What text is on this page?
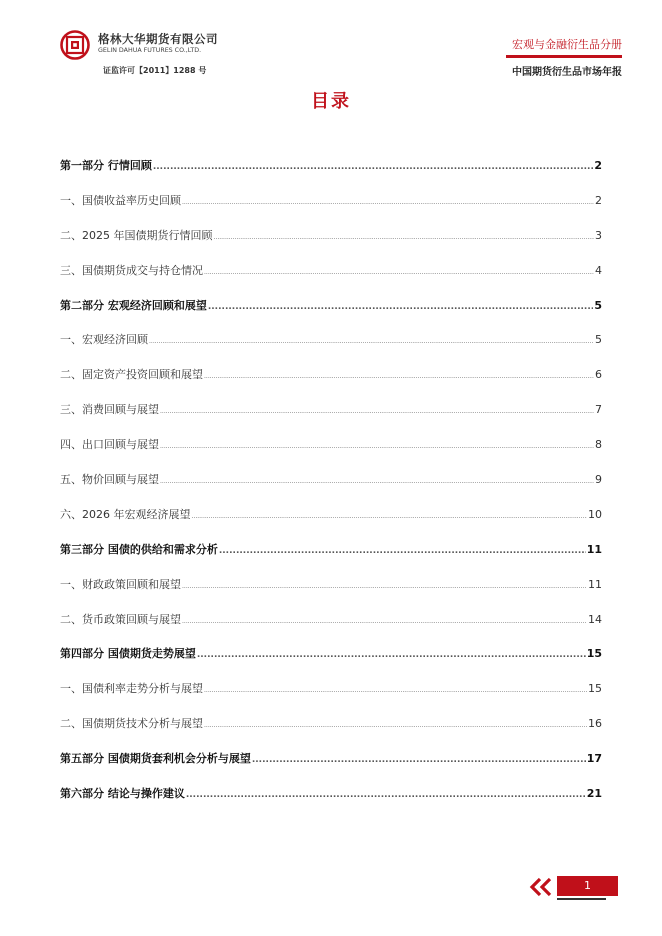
格林大华期货有限公司
GELIN DAHUA FUTURES CO.,LTD.
证监许可【2011】1288 号
宏观与金融衍生品分册
中国期货衍生品市场年报
目录
第一部分 行情回顾 .....	2
一、国债收益率历史回顾 .....	2
二、2025 年国债期货行情回顾 .....	3
三、国债期货成交与持仓情况 .....	4
第二部分 宏观经济回顾和展望 .....	5
一、宏观经济回顾 .....	5
二、固定资产投资回顾和展望 .....	6
三、消费回顾与展望 .....	7
四、出口回顾与展望 .....	8
五、物价回顾与展望 .....	9
六、2026 年宏观经济展望 .....	10
第三部分 国债的供给和需求分析 .....	11
一、财政政策回顾和展望 .....	11
二、货币政策回顾与展望 .....	14
第四部分 国债期货走势展望 .....	15
一、国债利率走势分析与展望 .....	15
二、国债期货技术分析与展望 .....	16
第五部分 国债期货套利机会分析与展望 .....	17
第六部分 结论与操作建议 .....	21
1
